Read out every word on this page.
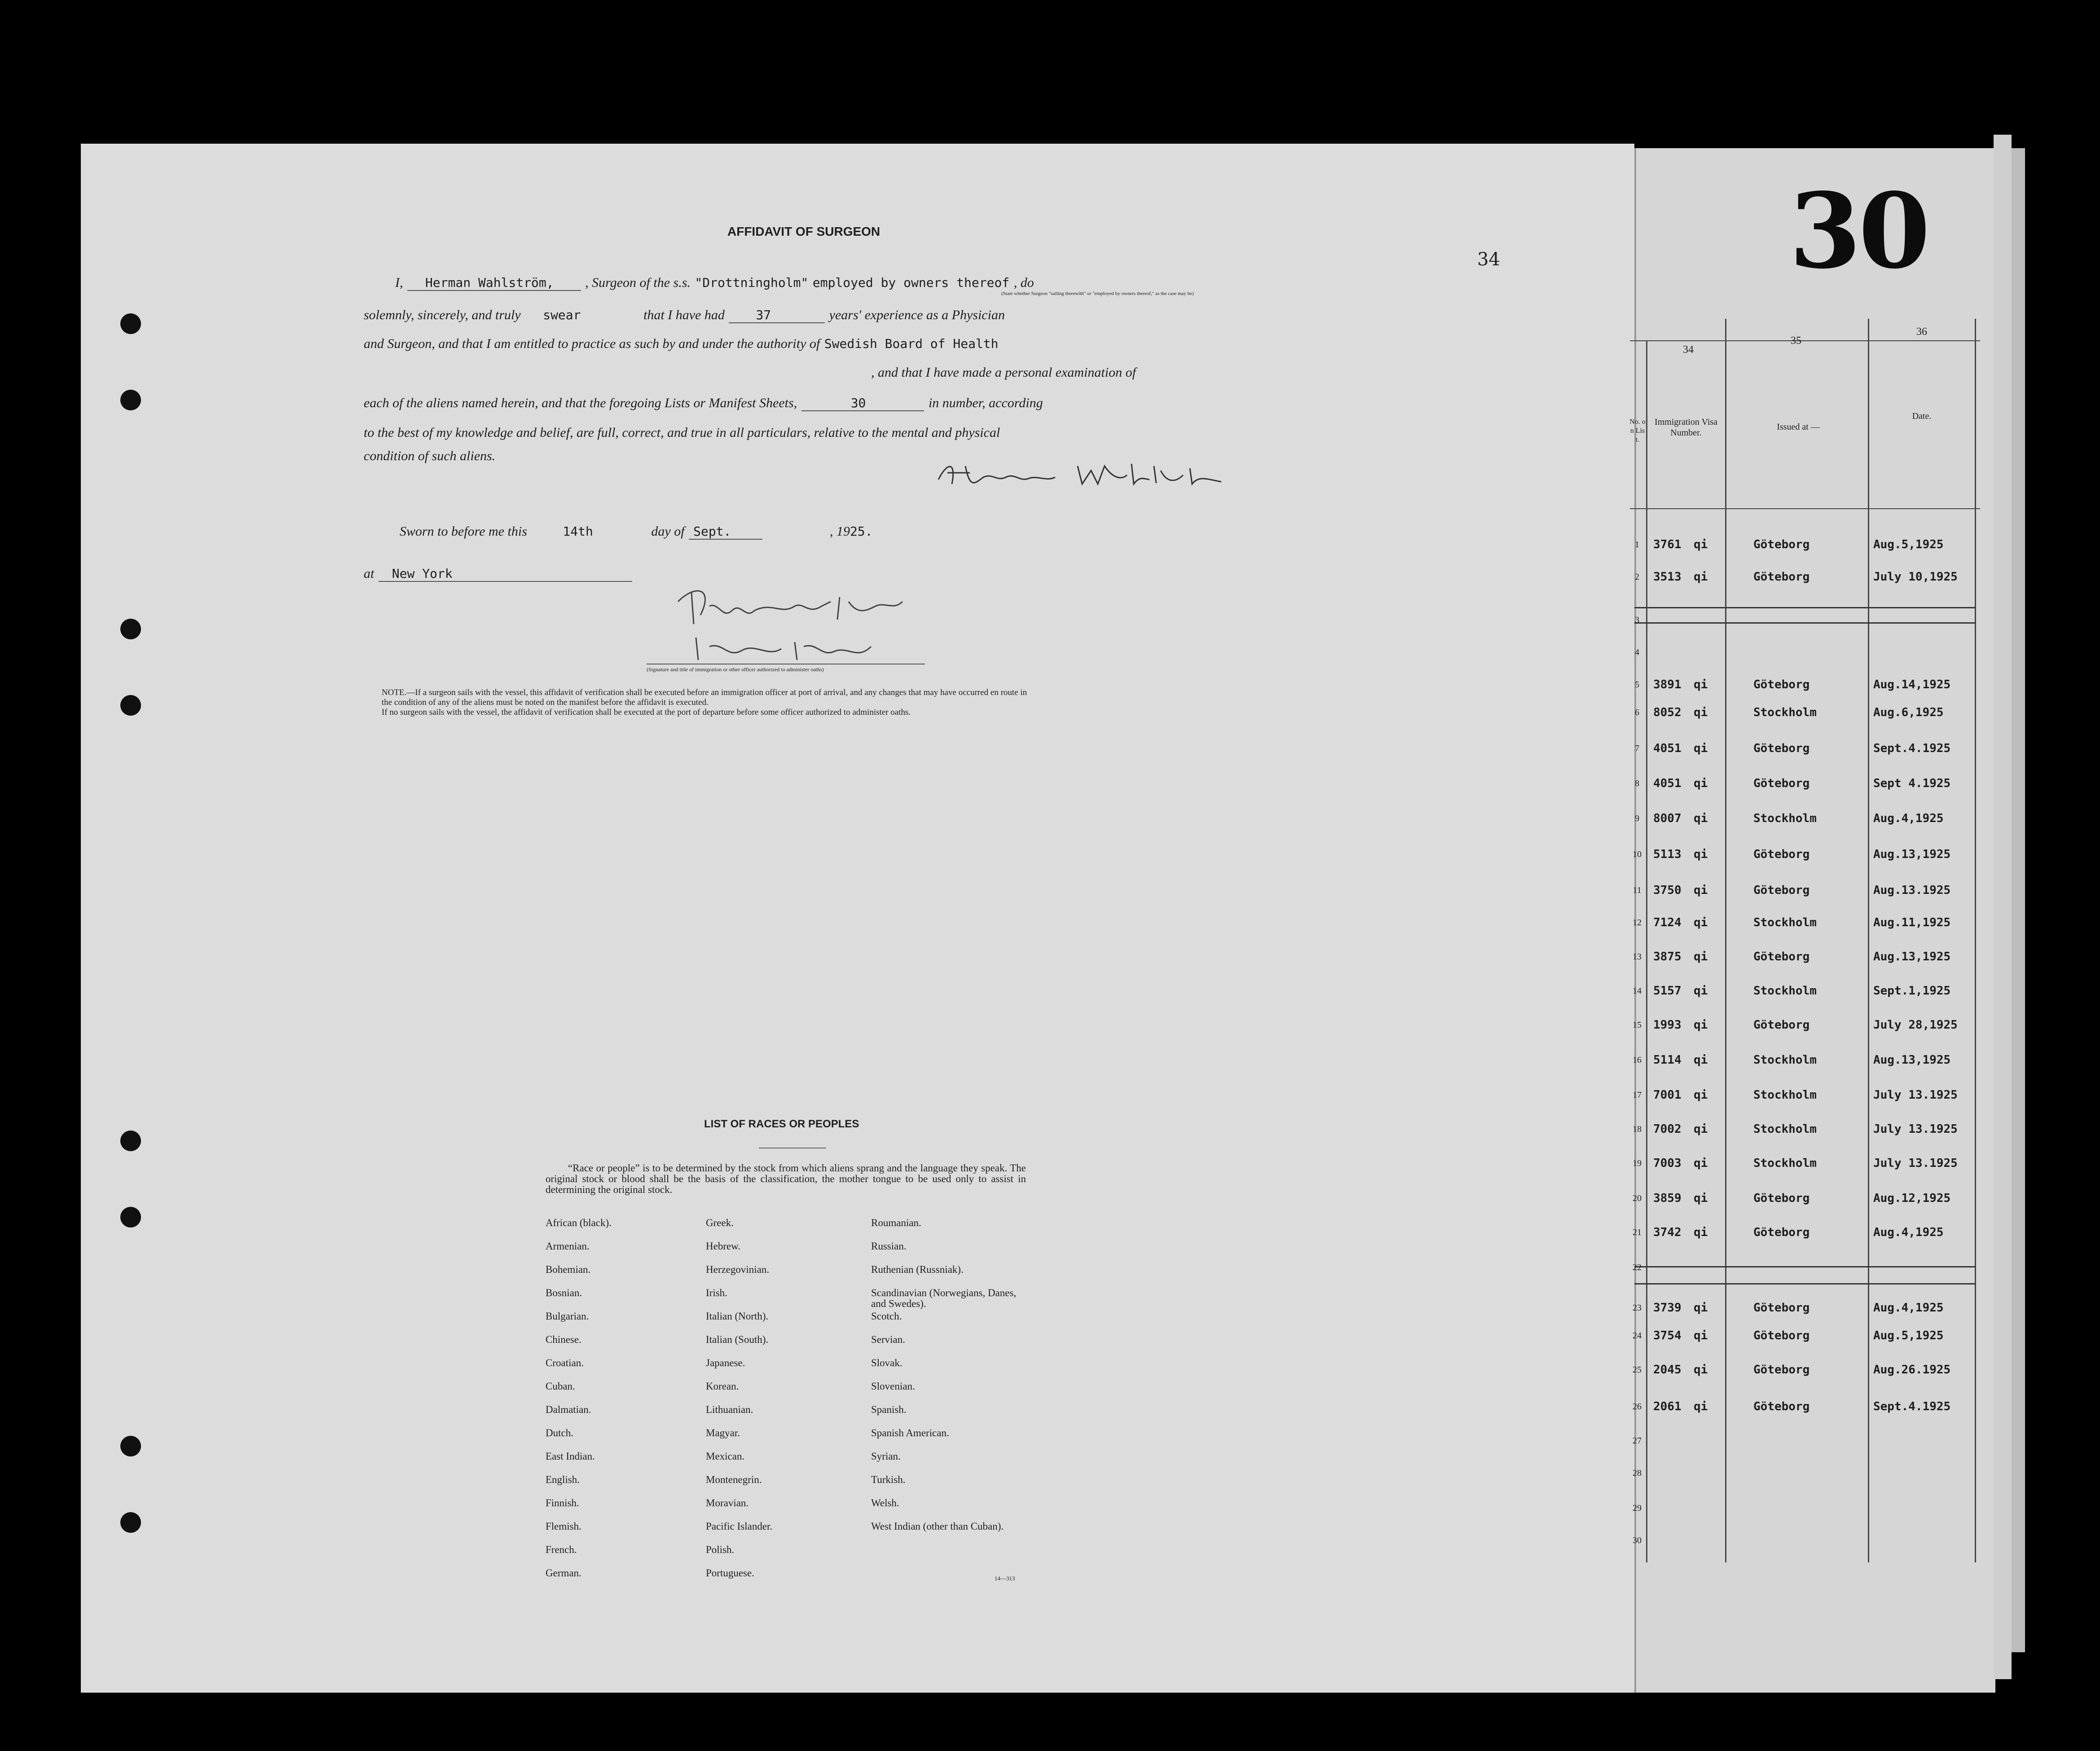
AFFIDAVIT OF SURGEON
34
I, Herman Wahlström, , Surgeon of the s.s. "Drottningholm" employed by owners thereof , do
(State whether Surgeon "sailing therewith" or "employed by owners thereof," as the case may be)
solemnly, sincerely, and truly swear	that I have had 37	years' experience as a Physician
and Surgeon, and that I am entitled to practice as such by and under the authority of Swedish Board of Health
, and that I have made a personal examination of
each of the aliens named herein, and that the foregoing Lists or Manifest Sheets,	30	in number, according
to the best of my knowledge and belief, are full, correct, and true in all particulars, relative to the mental and physical
condition of such aliens.
Sworn to before me this	14th	day of Sept.	, 1925.
at New York
(Signature and title of immigration or other officer authorized to administer oaths)
NOTE.—If a surgeon sails with the vessel, this affidavit of verification shall be executed before an immigration officer at port of arrival, and any changes that may have occurred en route in
the condition of any of the aliens must be noted on the manifest before the affidavit is executed.
If no surgeon sails with the vessel, the affidavit of verification shall be executed at the port of departure before some officer authorized to administer oaths.
LIST OF RACES OR PEOPLES
“Race or people” is to be determined by the stock from which aliens sprang and the language they speak. The original stock or blood shall be the basis of the classification, the mother tongue to be used only to assist in determining the original stock.
African (black).
Armenian.
Bohemian.
Bosnian.
Bulgarian.
Chinese.
Croatian.
Cuban.
Dalmatian.
Dutch.
East Indian.
English.
Finnish.
Flemish.
French.
German.
Greek.
Hebrew.
Herzegovinian.
Irish.
Italian (North).
Italian (South).
Japanese.
Korean.
Lithuanian.
Magyar.
Mexican.
Montenegrin.
Moravian.
Pacific Islander.
Polish.
Portuguese.
Roumanian.
Russian.
Ruthenian (Russniak).
Scandinavian (Norwegians, Danes, and Swedes).
Scotch.
Servian.
Slovak.
Slovenian.
Spanish.
Spanish American.
Syrian.
Turkish.
Welsh.
West Indian (other than Cuban).
14—313
30
34
35
36
No. on List.
Immigration Visa Number.
Issued at —
Date.
1	3761 qi	Göteborg	Aug.5,1925
2	3513 qi	Göteborg	July 10,1925
3
4
5	3891 qi	Göteborg	Aug.14,1925
6	8052 qi	Stockholm	Aug.6,1925
7	4051 qi	Göteborg	Sept.4.1925
8	4051 qi	Göteborg	Sept 4.1925
9	8007 qi	Stockholm	Aug.4,1925
10	5113 qi	Göteborg	Aug.13,1925
11	3750 qi	Göteborg	Aug.13.1925
12	7124 qi	Stockholm	Aug.11,1925
13	3875 qi	Göteborg	Aug.13,1925
14	5157 qi	Stockholm	Sept.1,1925
15	1993 qi	Göteborg	July 28,1925
16	5114 qi	Stockholm	Aug.13,1925
17	7001 qi	Stockholm	July 13.1925
18	7002 qi	Stockholm	July 13.1925
19	7003 qi	Stockholm	July 13.1925
20	3859 qi	Göteborg	Aug.12,1925
21	3742 qi	Göteborg	Aug.4,1925
22
23	3739 qi	Göteborg	Aug.4,1925
24	3754 qi	Göteborg	Aug.5,1925
25	2045 qi	Göteborg	Aug.26.1925
26	2061 qi	Göteborg	Sept.4.1925
27
28
29
30
